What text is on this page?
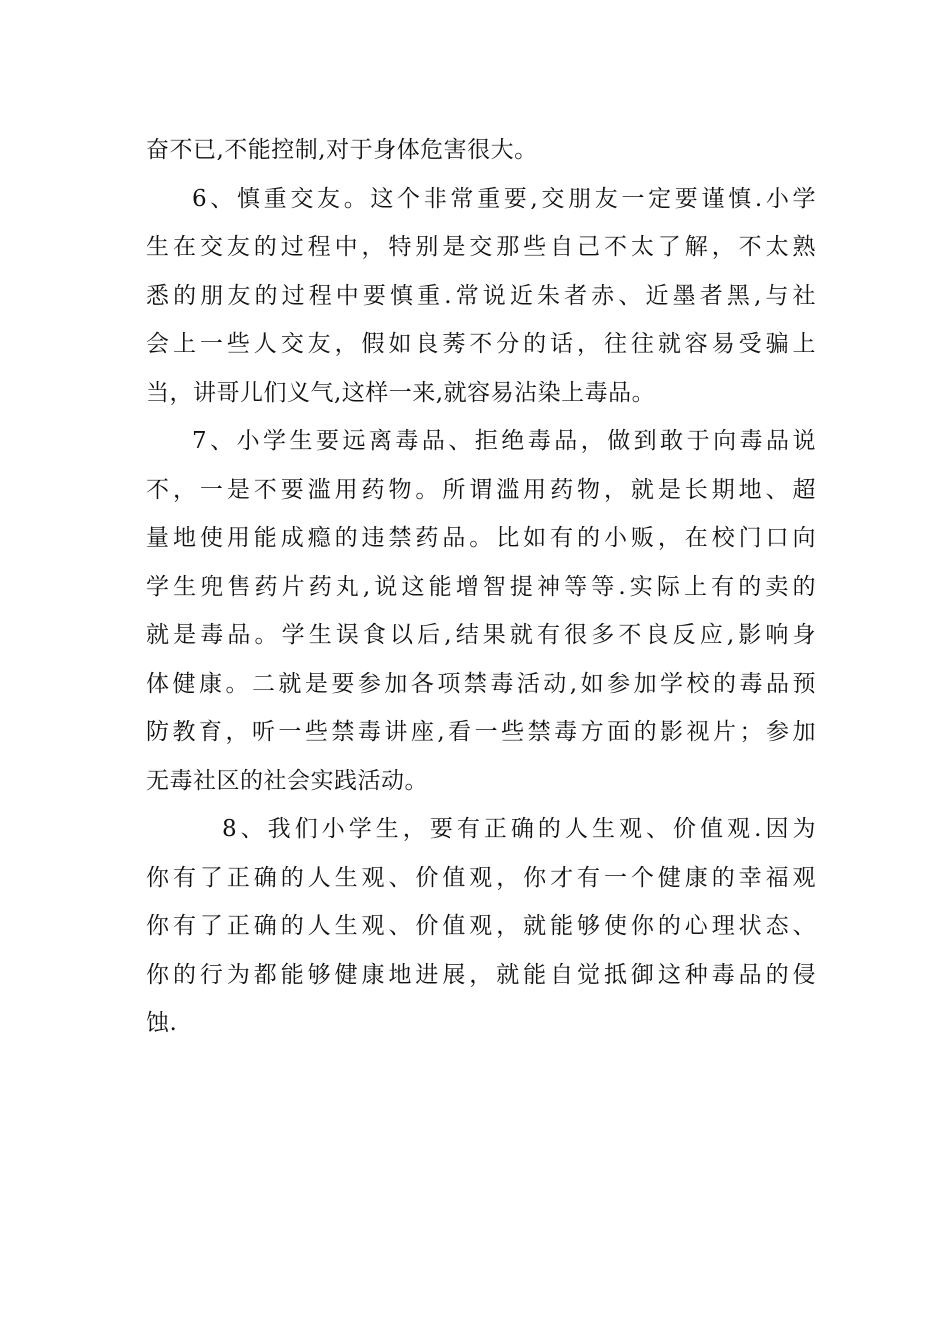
奋不已,不能控制,对于身体危害很大。
6、慎重交友。这个非常重要,交朋友一定要谨慎.小学
生在交友的过程中，特别是交那些自己不太了解，不太熟
悉的朋友的过程中要慎重.常说近朱者赤、近墨者黑,与社
会上一些人交友，假如良莠不分的话，往往就容易受骗上
当，讲哥儿们义气,这样一来,就容易沾染上毒品。
7、小学生要远离毒品、拒绝毒品，做到敢于向毒品说
不，一是不要滥用药物。所谓滥用药物，就是长期地、超
量地使用能成瘾的违禁药品。比如有的小贩，在校门口向
学生兜售药片药丸,说这能增智提神等等.实际上有的卖的
就是毒品。学生误食以后,结果就有很多不良反应,影响身
体健康。二就是要参加各项禁毒活动,如参加学校的毒品预
防教育，听一些禁毒讲座,看一些禁毒方面的影视片；参加
无毒社区的社会实践活动。
8、我们小学生，要有正确的人生观、价值观.因为
你有了正确的人生观、价值观，你才有一个健康的幸福观
你有了正确的人生观、价值观，就能够使你的心理状态、
你的行为都能够健康地进展，就能自觉抵御这种毒品的侵
蚀.
